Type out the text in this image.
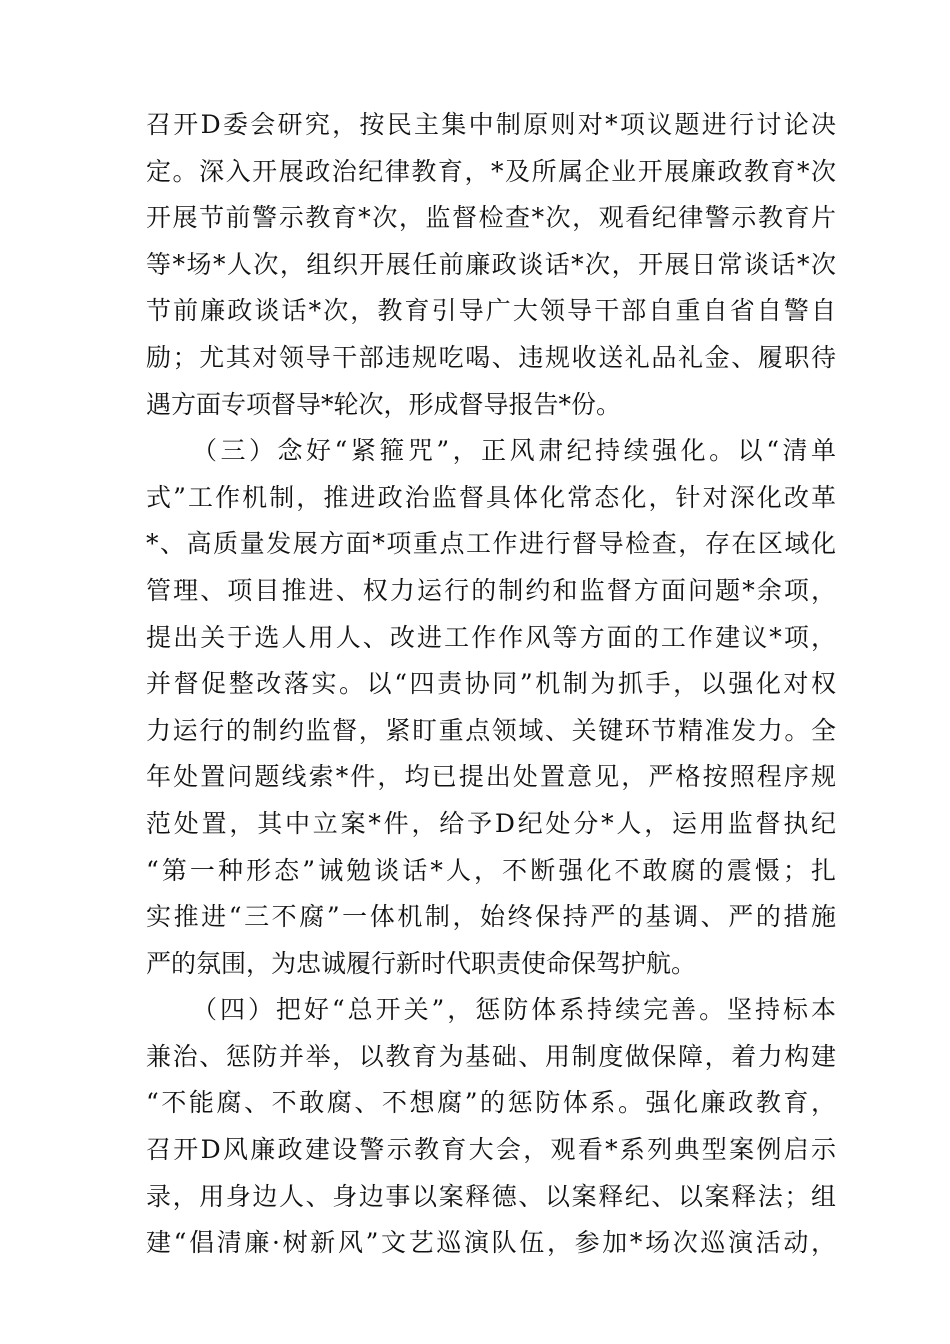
召开D委会研究，按民主集中制原则对*项议题进行讨论决
定。深入开展政治纪律教育，*及所属企业开展廉政教育*次
开展节前警示教育*次，监督检查*次，观看纪律警示教育片
等*场*人次，组织开展任前廉政谈话*次，开展日常谈话*次
节前廉政谈话*次，教育引导广大领导干部自重自省自警自
励；尤其对领导干部违规吃喝、违规收送礼品礼金、履职待
遇方面专项督导*轮次，形成督导报告*份。
（三）念好“紧箍咒”，正风肃纪持续强化。以“清单
式”工作机制，推进政治监督具体化常态化，针对深化改革
*、高质量发展方面*项重点工作进行督导检查，存在区域化
管理、项目推进、权力运行的制约和监督方面问题*余项，
提出关于选人用人、改进工作作风等方面的工作建议*项，
并督促整改落实。以“四责协同”机制为抓手，以强化对权
力运行的制约监督，紧盯重点领域、关键环节精准发力。全
年处置问题线索*件，均已提出处置意见，严格按照程序规
范处置，其中立案*件，给予D纪处分*人，运用监督执纪
“第一种形态”诫勉谈话*人，不断强化不敢腐的震慑；扎
实推进“三不腐”一体机制，始终保持严的基调、严的措施
严的氛围，为忠诚履行新时代职责使命保驾护航。
（四）把好“总开关”，惩防体系持续完善。坚持标本
兼治、惩防并举，以教育为基础、用制度做保障，着力构建
“不能腐、不敢腐、不想腐”的惩防体系。强化廉政教育，
召开D风廉政建设警示教育大会，观看*系列典型案例启示
录，用身边人、身边事以案释德、以案释纪、以案释法；组
建“倡清廉·树新风”文艺巡演队伍，参加*场次巡演活动，
